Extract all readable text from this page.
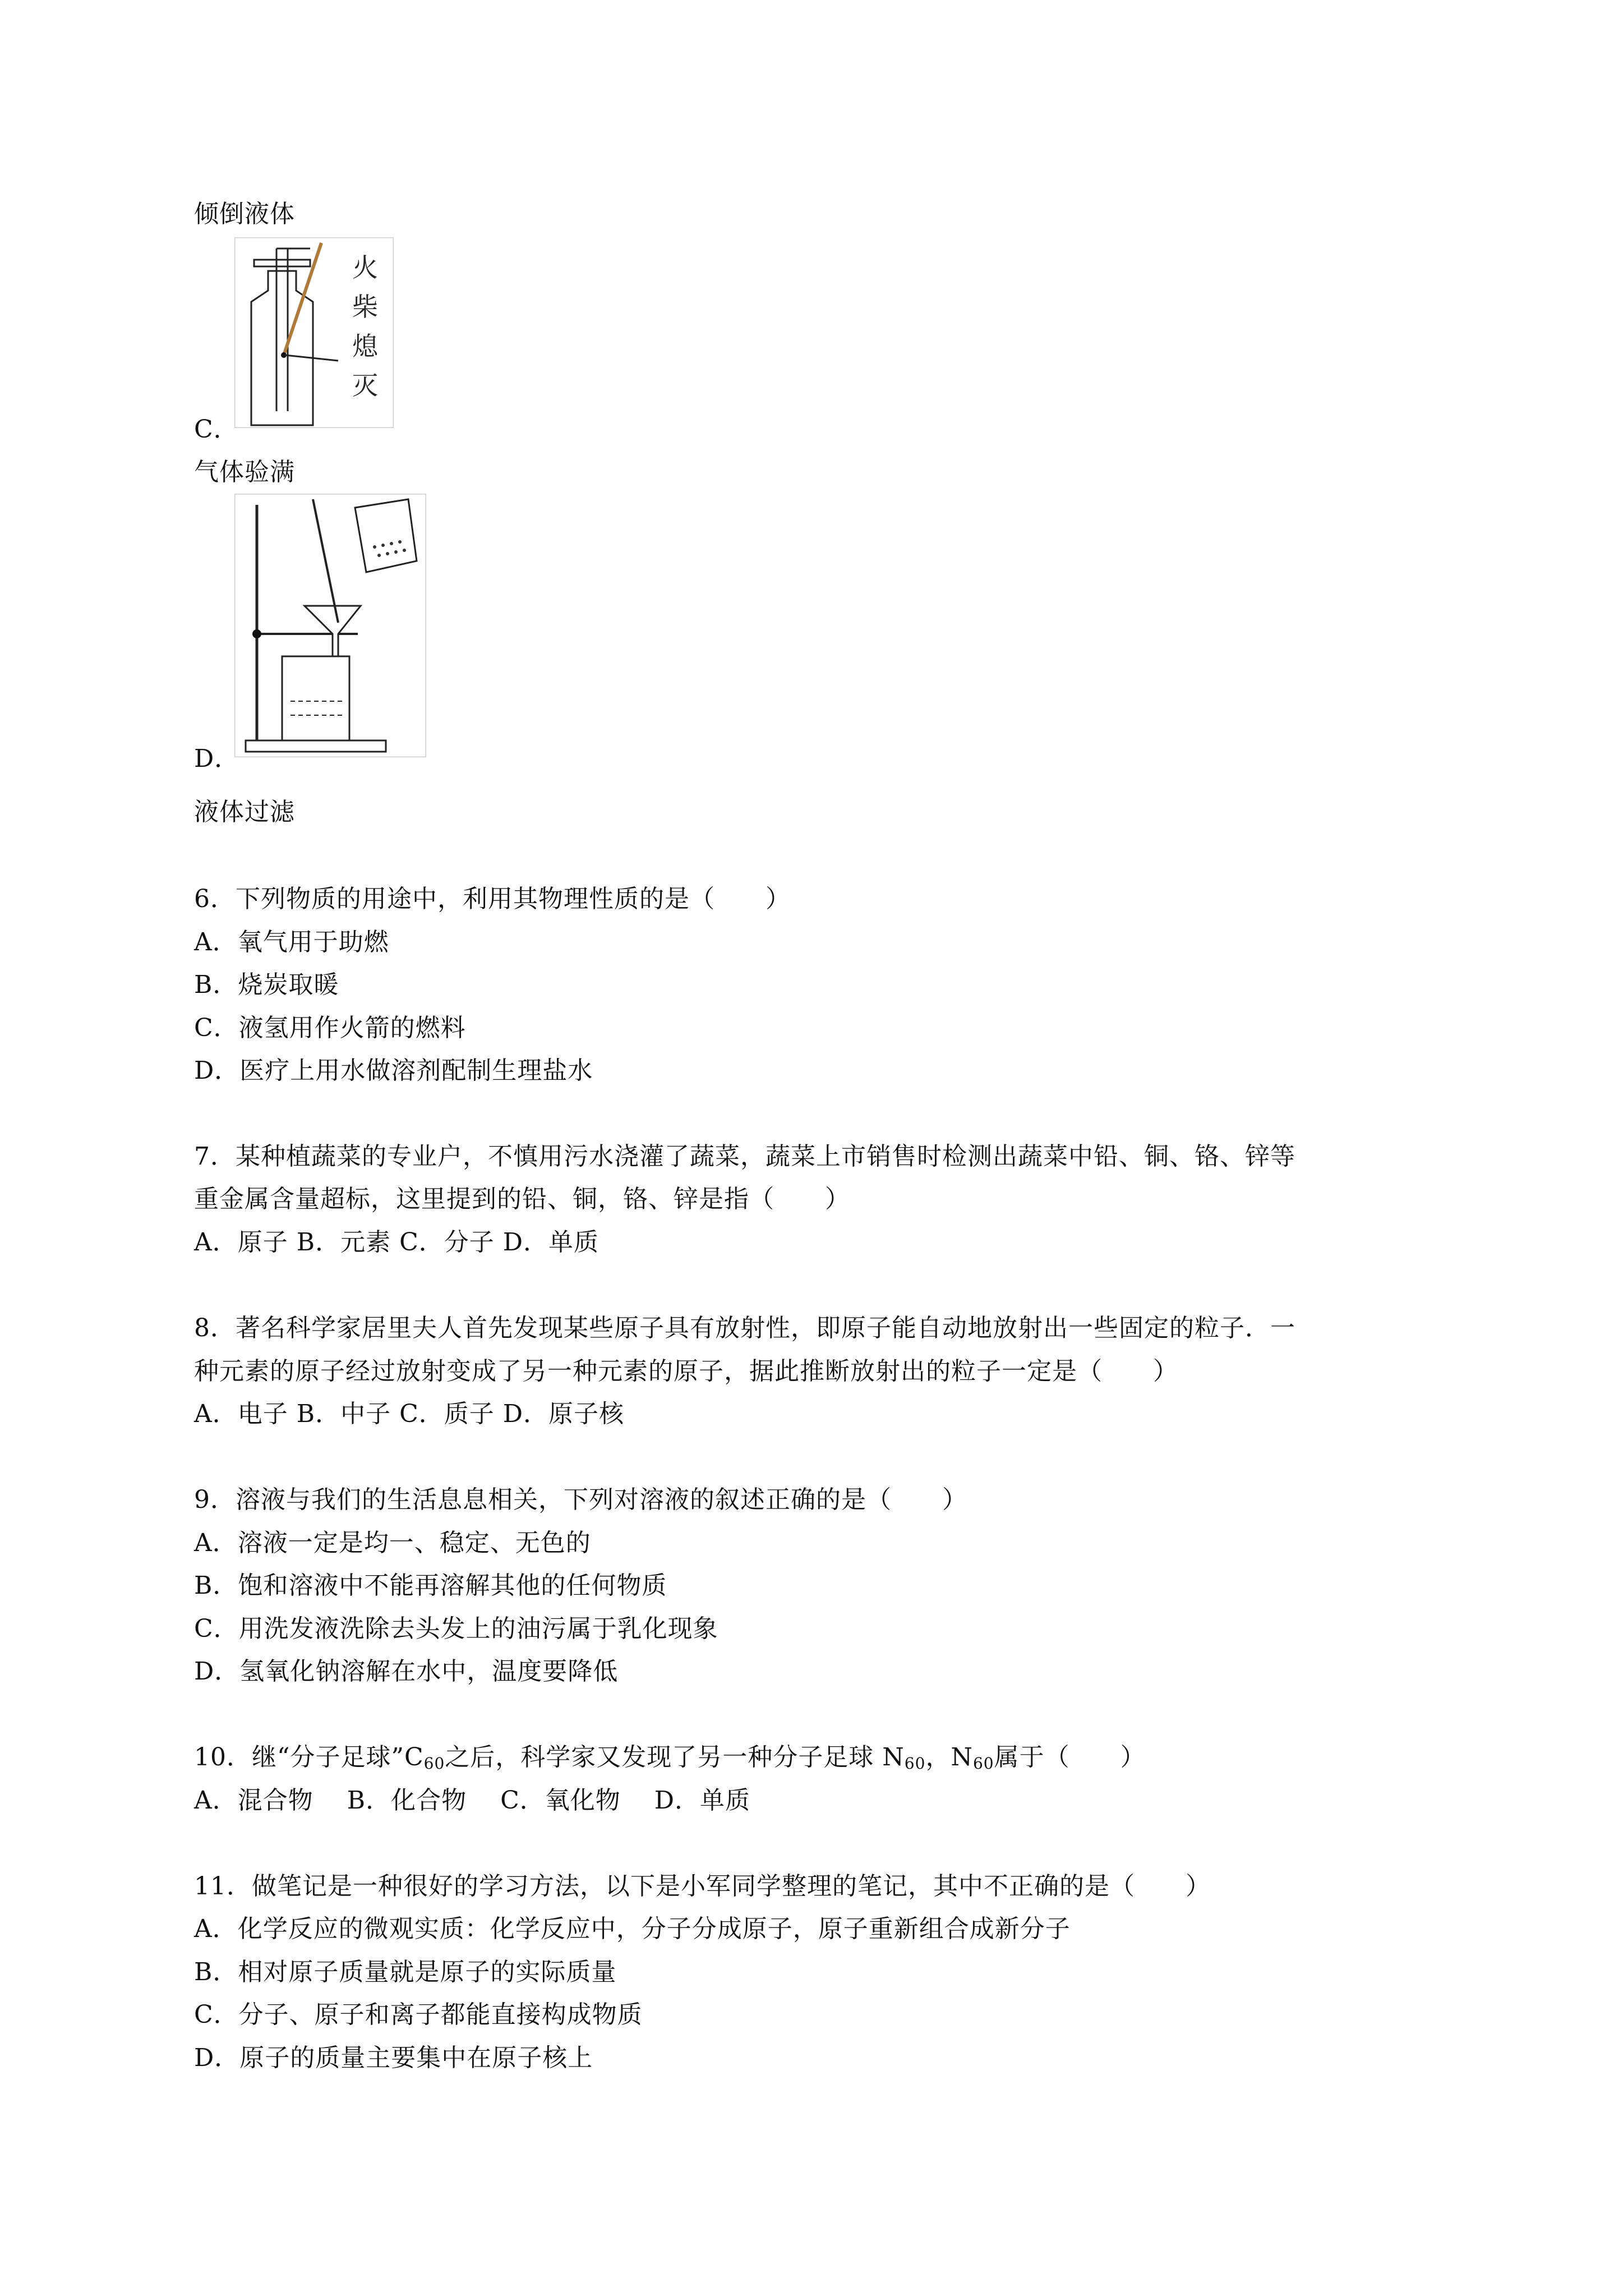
倾倒液体
火
柴
熄
灭
C．
气体验满
D．
液体过滤
6．下列物质的用途中，利用其物理性质的是（　　）
A．氧气用于助燃
B．烧炭取暖
C．液氢用作火箭的燃料
D．医疗上用水做溶剂配制生理盐水
7．某种植蔬菜的专业户，不慎用污水浇灌了蔬菜，蔬菜上市销售时检测出蔬菜中铅、铜、铬、锌等
重金属含量超标，这里提到的铅、铜，铬、锌是指（　　）
A．原子 B．元素 C．分子 D．单质
8．著名科学家居里夫人首先发现某些原子具有放射性，即原子能自动地放射出一些固定的粒子．一
种元素的原子经过放射变成了另一种元素的原子，据此推断放射出的粒子一定是（　　）
A．电子 B．中子 C．质子 D．原子核
9．溶液与我们的生活息息相关，下列对溶液的叙述正确的是（　　）
A．溶液一定是均一、稳定、无色的
B．饱和溶液中不能再溶解其他的任何物质
C．用洗发液洗除去头发上的油污属于乳化现象
D．氢氧化钠溶解在水中，温度要降低
10．继“分子足球$”C_{60}$之后，科学家又发现了另一种分子足球 $N_{60}$，$N_{60}$属于（　　）
A．混合物　 B．化合物　 C．氧化物　 D．单质
11．做笔记是一种很好的学习方法，以下是小军同学整理的笔记，其中不正确的是（　　）
A．化学反应的微观实质：化学反应中，分子分成原子，原子重新组合成新分子
B．相对原子质量就是原子的实际质量
C．分子、原子和离子都能直接构成物质
D．原子的质量主要集中在原子核上
